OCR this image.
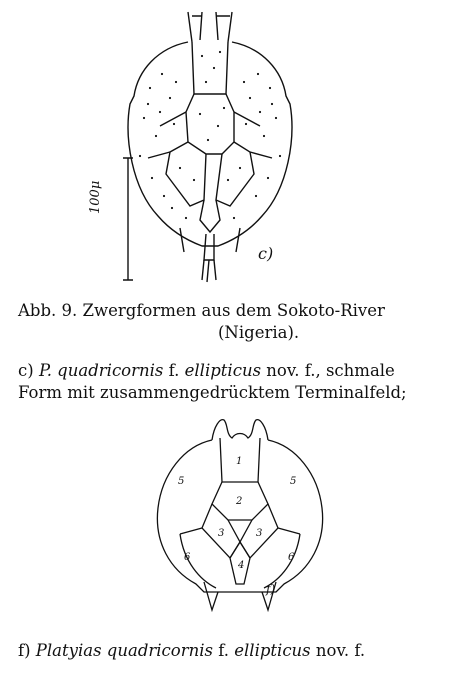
100μ
c)
Abb. 9. Zwergformen aus dem Sokoto-River
(Nigeria).
c) P. quadricornis f. ellipticus nov. f., schmale
Form mit zusammengedrücktem Terminalfeld;
1
2
3	3
4
5	5
6	6
f)
f) Platyias quadricornis f. ellipticus nov. f.
